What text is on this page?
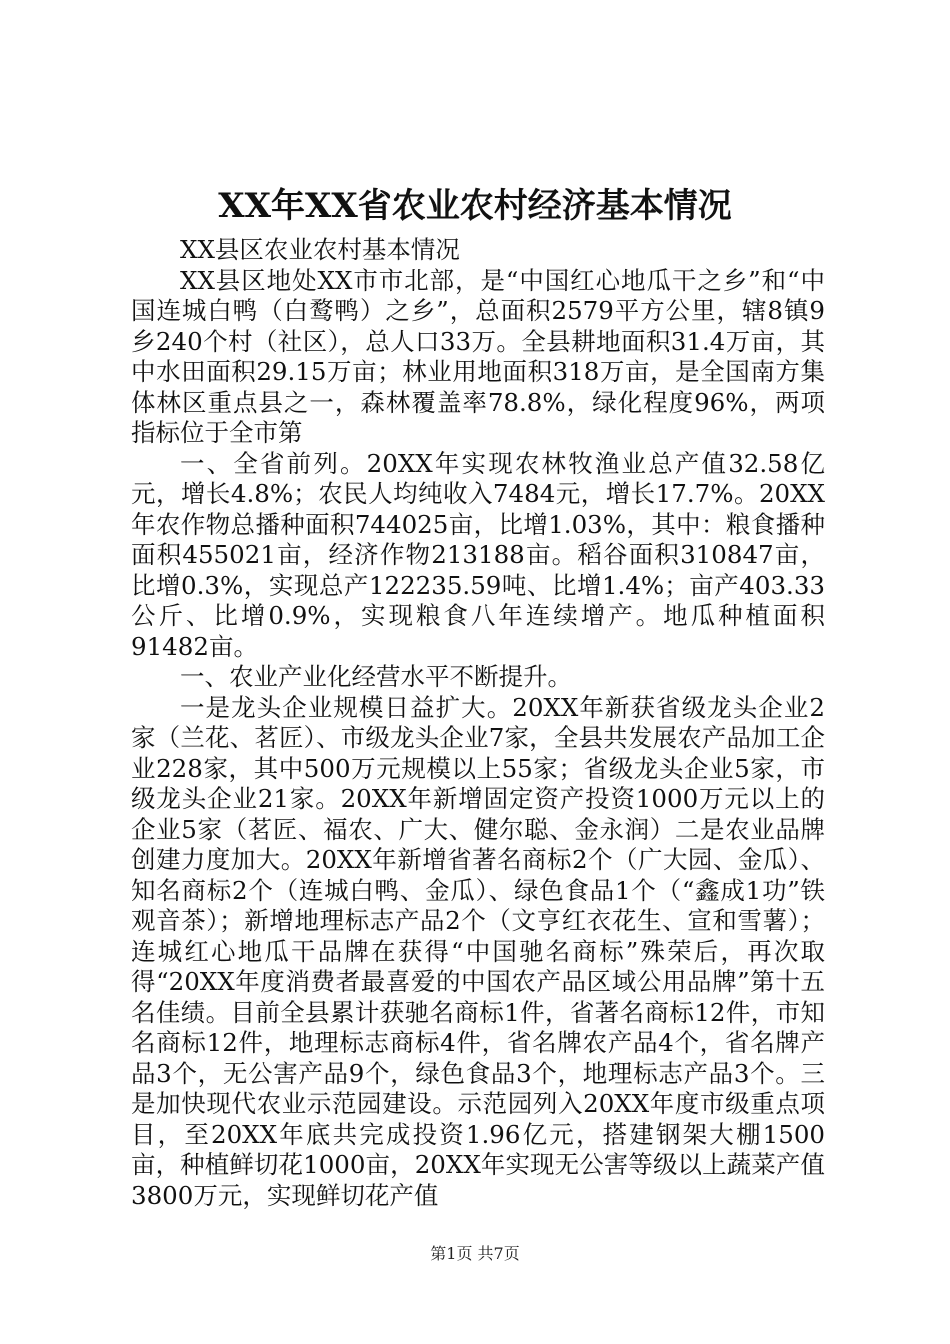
XX年XX省农业农村经济基本情况

XX县区农业农村基本情况

XX县区地处XX市市北部，是“中国红心地瓜干之乡”和“中国连城白鸭（白鹜鸭）之乡”，总面积2579平方公里，辖8镇9乡240个村（社区），总人口33万。全县耕地面积31.4万亩，其中水田面积29.15万亩；林业用地面积318万亩，是全国南方集体林区重点县之一，森林覆盖率78.8%，绿化程度96%，两项指标位于全市第

一、全省前列。20XX年实现农林牧渔业总产值32.58亿元，增长4.8%；农民人均纯收入7484元，增长17.7%。20XX年农作物总播种面积744025亩，比增1.03%，其中：粮食播种面积455021亩，经济作物213188亩。稻谷面积310847亩，比增0.3%，实现总产122235.59吨、比增1.4%；亩产403.33公斤、比增0.9%，实现粮食八年连续增产。地瓜种植面积91482亩。

一、农业产业化经营水平不断提升。

一是龙头企业规模日益扩大。20XX年新获省级龙头企业2家（兰花、茗匠）、市级龙头企业7家，全县共发展农产品加工企业228家，其中500万元规模以上55家；省级龙头企业5家，市级龙头企业21家。20XX年新增固定资产投资1000万元以上的企业5家（茗匠、福农、广大、健尔聪、金永润）二是农业品牌创建力度加大。20XX年新增省著名商标2个（广大园、金瓜）、知名商标2个（连城白鸭、金瓜）、绿色食品1个（“鑫成1功”铁观音茶）；新增地理标志产品2个（文亨红衣花生、宣和雪薯）；连城红心地瓜干品牌在获得“中国驰名商标”殊荣后，再次取得“20XX年度消费者最喜爱的中国农产品区域公用品牌”第十五名佳绩。目前全县累计获驰名商标1件，省著名商标12件，市知名商标12件，地理标志商标4件，省名牌农产品4个，省名牌产品3个，无公害产品9个，绿色食品3个，地理标志产品3个。三是加快现代农业示范园建设。示范园列入20XX年度市级重点项目，至20XX年底共完成投资1.96亿元，搭建钢架大棚1500亩，种植鲜切花1000亩，20XX年实现无公害等级以上蔬菜产值3800万元，实现鲜切花产值

第1页 共7页
